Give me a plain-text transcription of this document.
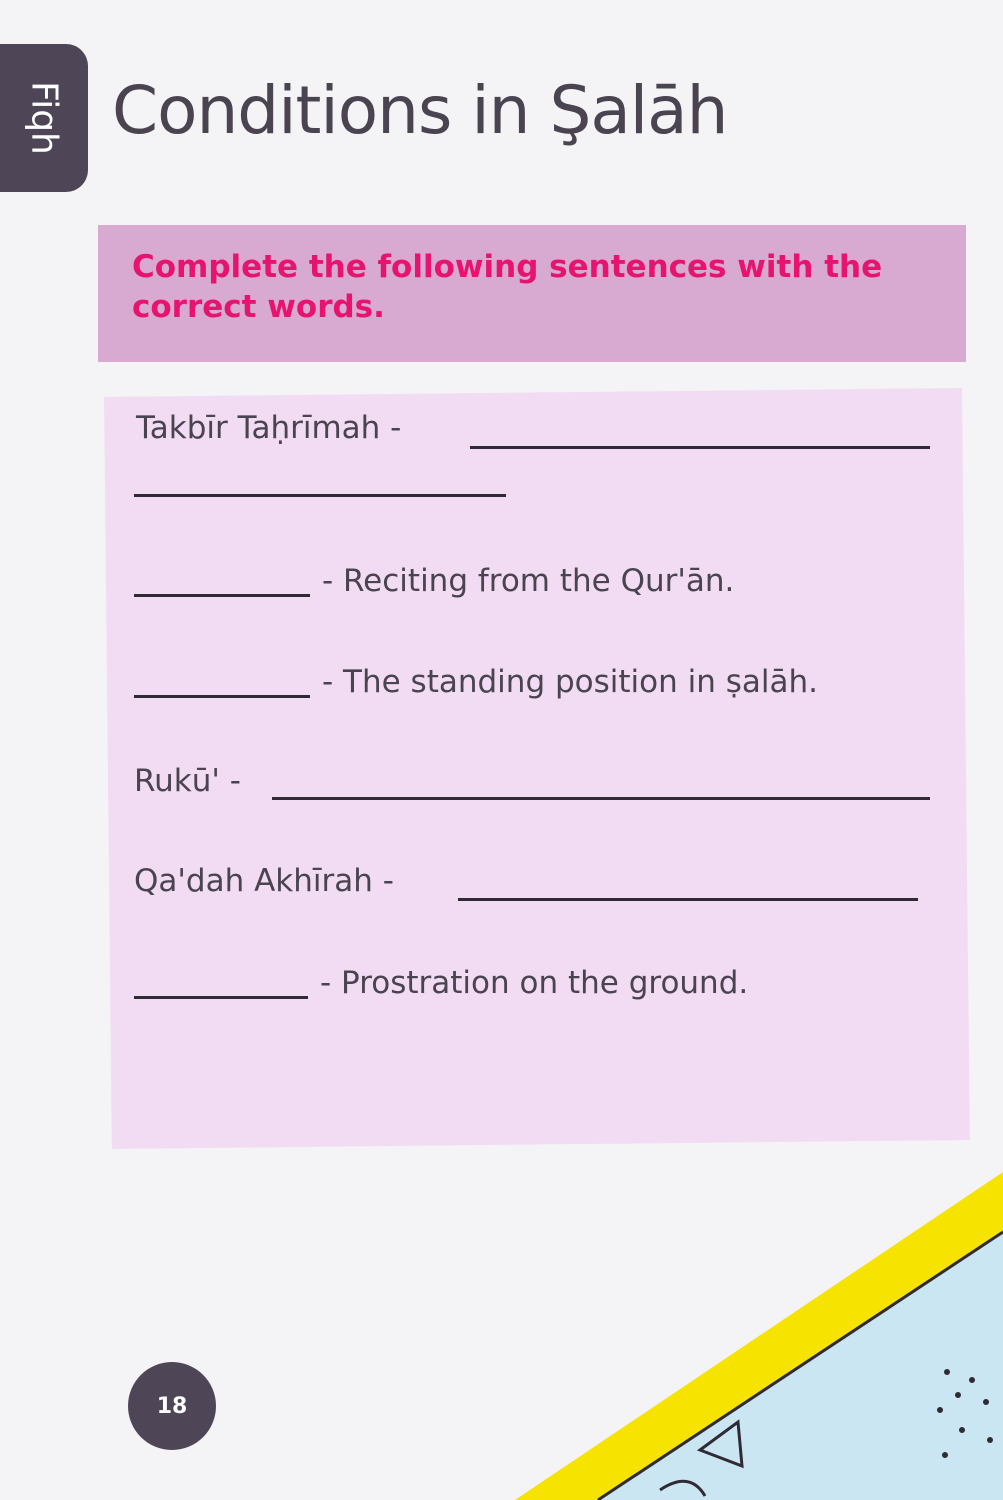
Fiqh Conditions in Şalāh

Complete the following sentences with the

correct words.

Takbīr Taḥrīmah -
- Reciting from the Qur'ān.
- The standing position in ṣalāh.
Rukū' -
Qa'dah Akhīrah -
- Prostration on the ground.
18
